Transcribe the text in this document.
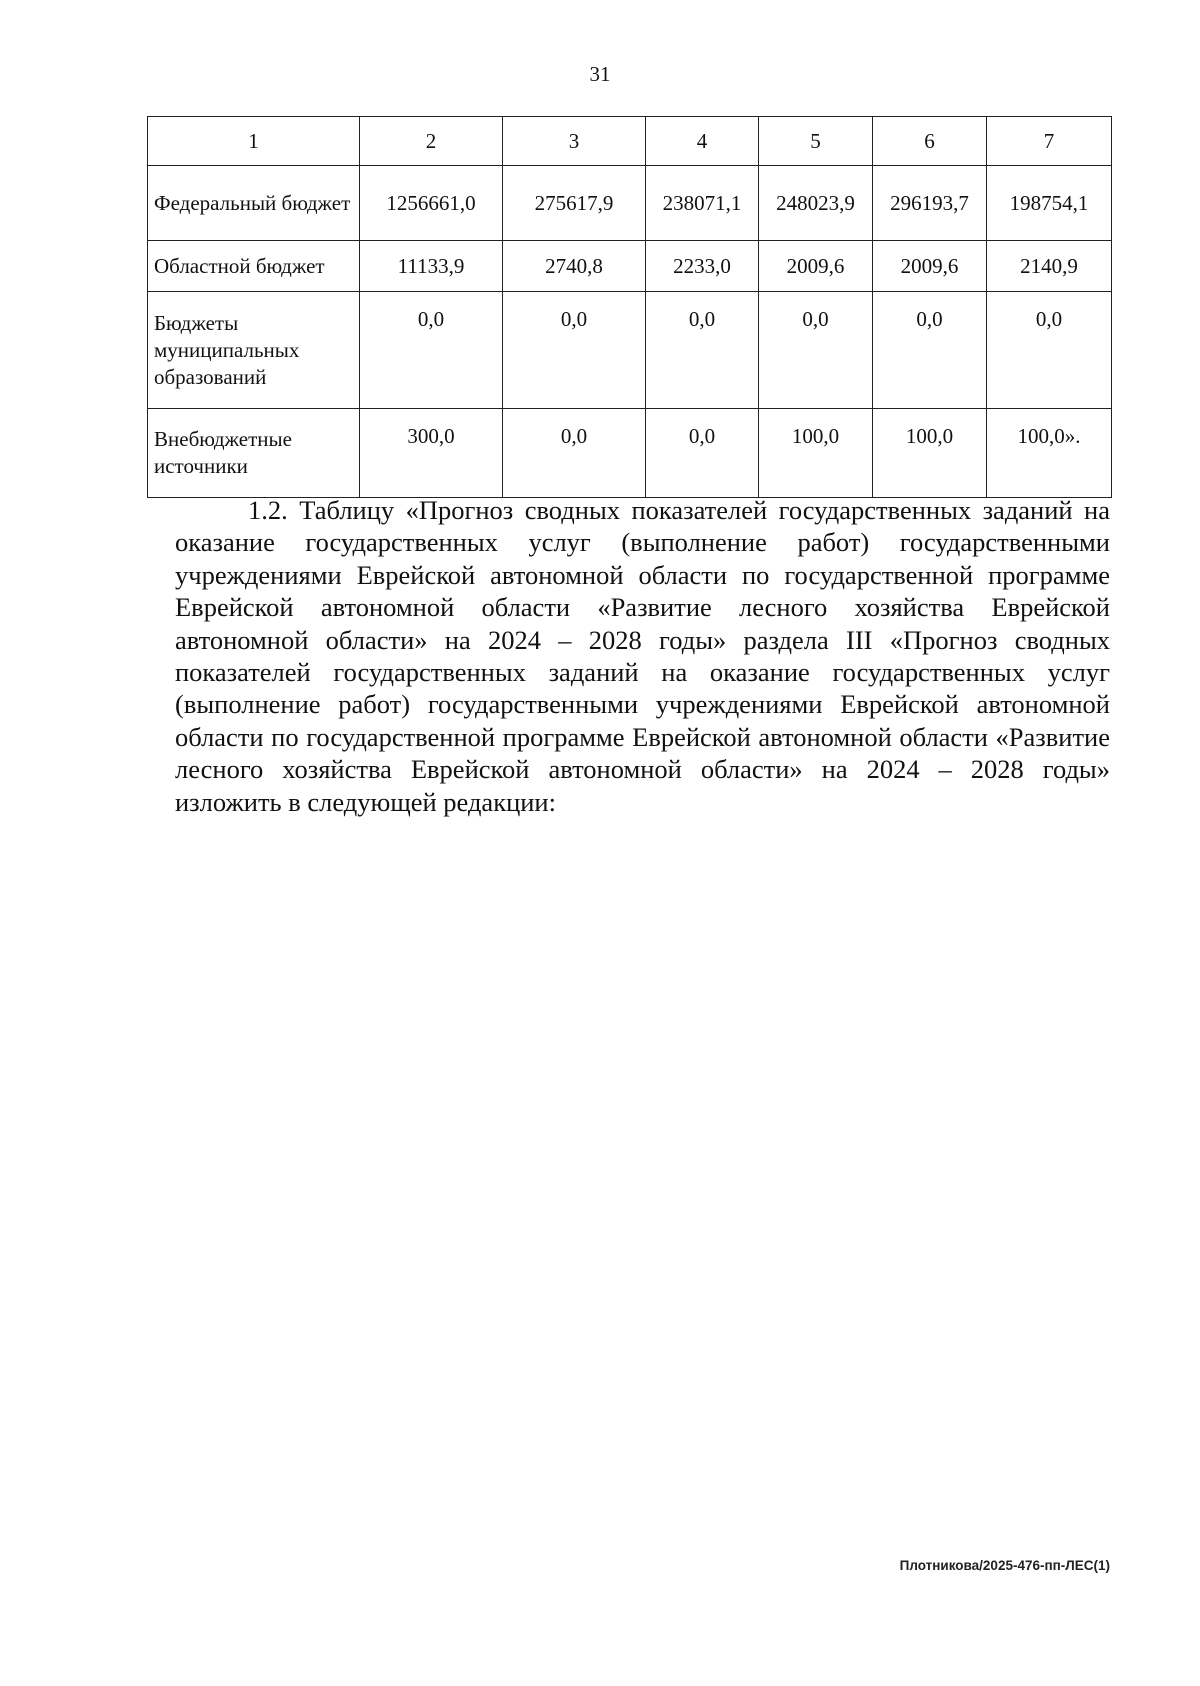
31
1	2	3	4	5	6	7
Федеральный бюджет	1256661,0	275617,9	238071,1	248023,9	296193,7	198754,1
Областной бюджет	11133,9	2740,8	2233,0	2009,6	2009,6	2140,9
Бюджеты муниципальных образований	0,0	0,0	0,0	0,0	0,0	0,0
Внебюджетные источники	300,0	0,0	0,0	100,0	100,0	100,0».

1.2. Таблицу «Прогноз сводных показателей государственных заданий на оказание государственных услуг (выполнение работ) государственными учреждениями Еврейской автономной области по государственной программе Еврейской автономной области «Развитие лесного хозяйства Еврейской автономной области» на 2024 – 2028 годы» раздела III «Прогноз сводных показателей государственных заданий на оказание государственных услуг (выполнение работ) государственными учреждениями Еврейской автономной области по государственной программе Еврейской автономной области «Развитие лесного хозяйства Еврейской автономной области» на 2024 – 2028 годы» изложить в следующей редакции:

Плотникова/2025-476-пп-ЛЕС(1)
